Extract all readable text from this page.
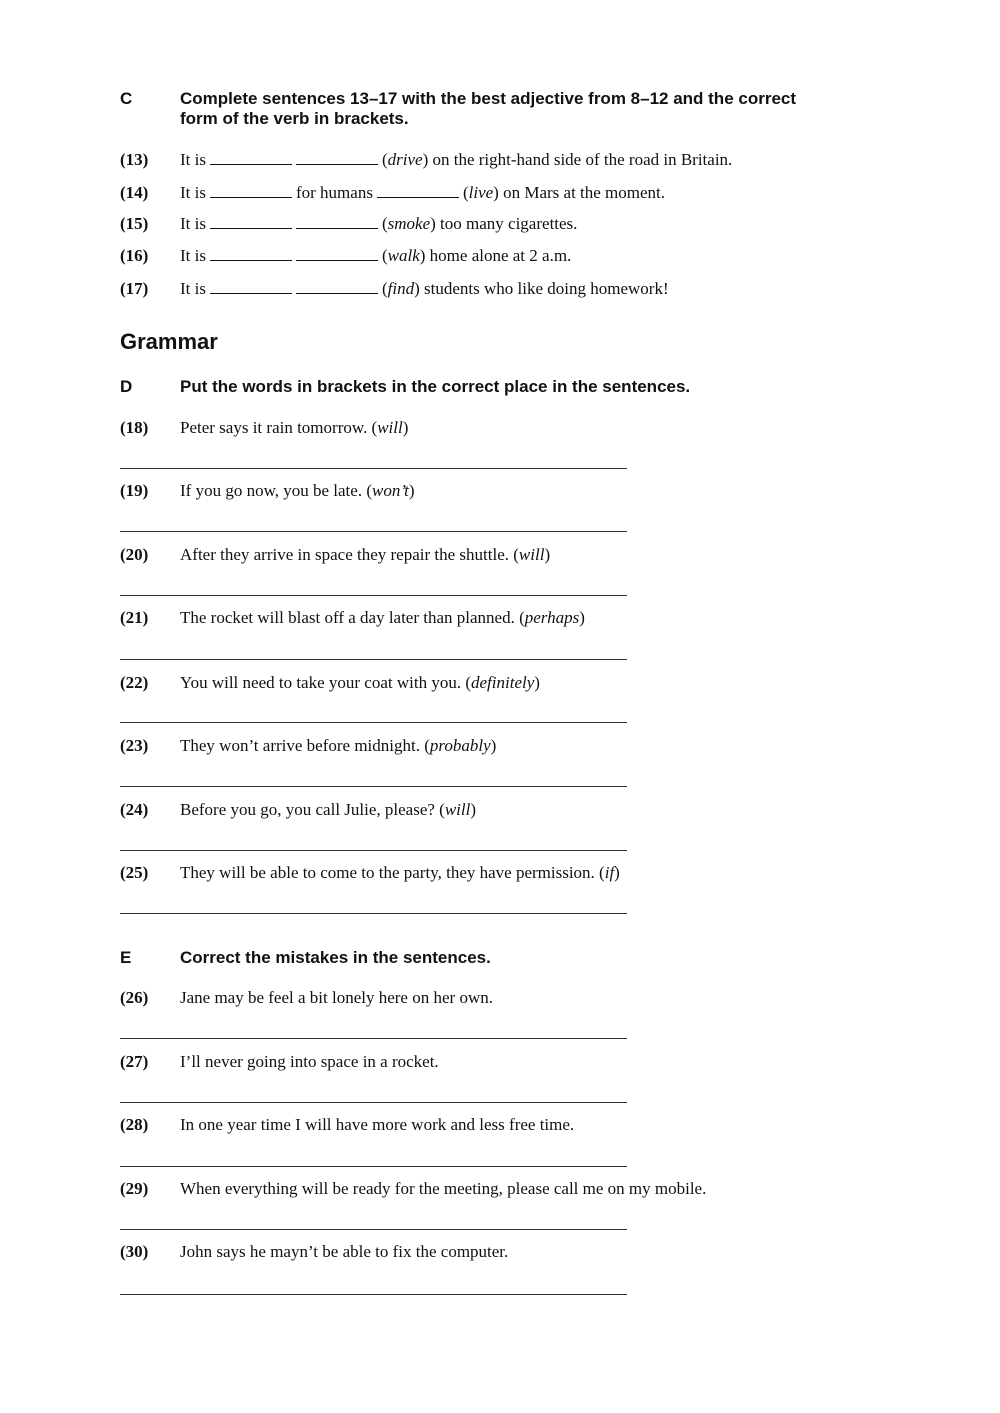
C	Complete sentences 13–17 with the best adjective from 8–12 and the correct
form of the verb in brackets.
(13) It is	(drive) on the right-hand side of the road in Britain.
(14) It is	for humans	(live) on Mars at the moment.
(15) It is	(smoke) too many cigarettes.
(16) It is	(walk) home alone at 2 a.m.
(17) It is	(find) students who like doing homework!
Grammar
D	Put the words in brackets in the correct place in the sentences.
(18) Peter says it rain tomorrow. (will)
(19) If you go now, you be late. (won’t)
(20) After they arrive in space they repair the shuttle. (will)
(21) The rocket will blast off a day later than planned. (perhaps)
(22) You will need to take your coat with you. (definitely)
(23) They won’t arrive before midnight. (probably)
(24) Before you go, you call Julie, please? (will)
(25) They will be able to come to the party, they have permission. (if)
E	Correct the mistakes in the sentences.
(26) Jane may be feel a bit lonely here on her own.
(27) I’ll never going into space in a rocket.
(28) In one year time I will have more work and less free time.
(29) When everything will be ready for the meeting, please call me on my mobile.
(30) John says he mayn’t be able to fix the computer.
